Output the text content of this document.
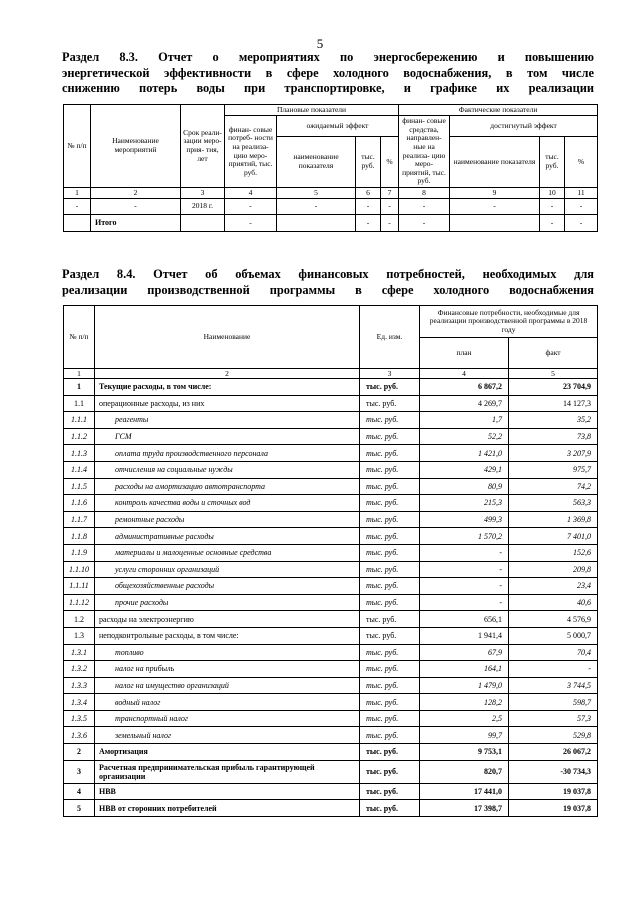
5
Раздел 8.3. Отчет о мероприятиях по энергосбережению и повышению
энергетической эффективности в сфере холодного водоснабжения, в том числе
снижению потерь воды при транспортировке, и графике их реализации
№ п/п	Наименование мероприятий	Срок реали- зации меро- прия- тия, лет	Плановые показатели				Фактические показатели			
			финан- совые потреб- ности на реализа- цию меро- приятий, тыс. руб.	ожидаемый эффект			финан- совые средства, направлен- ные на реализа- цию меро- приятий, тыс. руб.	достигнутый эффект		
				наименование показателя	тыс. руб.	%		наименование показателя	тыс. руб.	%
1	2	3	4	5	6	7	8	9	10	11
-	-	2018 г.	-	-	-	-	-	-	-	-
	Итого		-		-	-	-		-	-
Раздел 8.4. Отчет об объемах финансовых потребностей, необходимых для
реализации производственной программы в сфере холодного водоснабжения
№ п/п	Наименование	Ед. изм.	Финансовые потребности, необходимые для реализации производственной программы в 2018 году	
			план	факт
1	2	3	4	5
1	Текущие расходы, в том числе:	тыс. руб.	6 867,2	23 704,9
1.1	операционные расходы, из них	тыс. руб.	4 269,7	14 127,3
1.1.1	реагенты	тыс. руб.	1,7	35,2
1.1.2	ГСМ	тыс. руб.	52,2	73,8
1.1.3	оплата труда производственного персонала	тыс. руб.	1 421,0	3 207,9
1.1.4	отчисления на социальные нужды	тыс. руб.	429,1	975,7
1.1.5	расходы на амортизацию автотранспорта	тыс. руб.	80,9	74,2
1.1.6	контроль качества воды и сточных вод	тыс. руб.	215,3	563,3
1.1.7	ремонтные расходы	тыс. руб.	499,3	1 369,8
1.1.8	административные расходы	тыс. руб.	1 570,2	7 401,0
1.1.9	материалы и малоценные основные средства	тыс. руб.	-	152,6
1.1.10	услуги сторонних организаций	тыс. руб.	-	209,8
1.1.11	общехозяйственные расходы	тыс. руб.	-	23,4
1.1.12	прочие расходы	тыс. руб.	-	40,6
1.2	расходы на электроэнергию	тыс. руб.	656,1	4 576,9
1.3	неподконтрольные расходы, в том числе:	тыс. руб.	1 941,4	5 000,7
1.3.1	топливо	тыс. руб.	67,9	70,4
1.3.2	налог на прибыль	тыс. руб.	164,1	-
1.3.3	налог на имущество организаций	тыс. руб.	1 479,0	3 744,5
1.3.4	водный налог	тыс. руб.	128,2	598,7
1.3.5	транспортный налог	тыс. руб.	2,5	57,3
1.3.6	земельный налог	тыс. руб.	99,7	529,8
2	Амортизация	тыс. руб.	9 753,1	26 067,2
3	Расчетная предпринимательская прибыль гарантирующей организации	тыс. руб.	820,7	-30 734,3
4	НВВ	тыс. руб.	17 441,0	19 037,8
5	НВВ от сторонних потребителей	тыс. руб.	17 398,7	19 037,8
